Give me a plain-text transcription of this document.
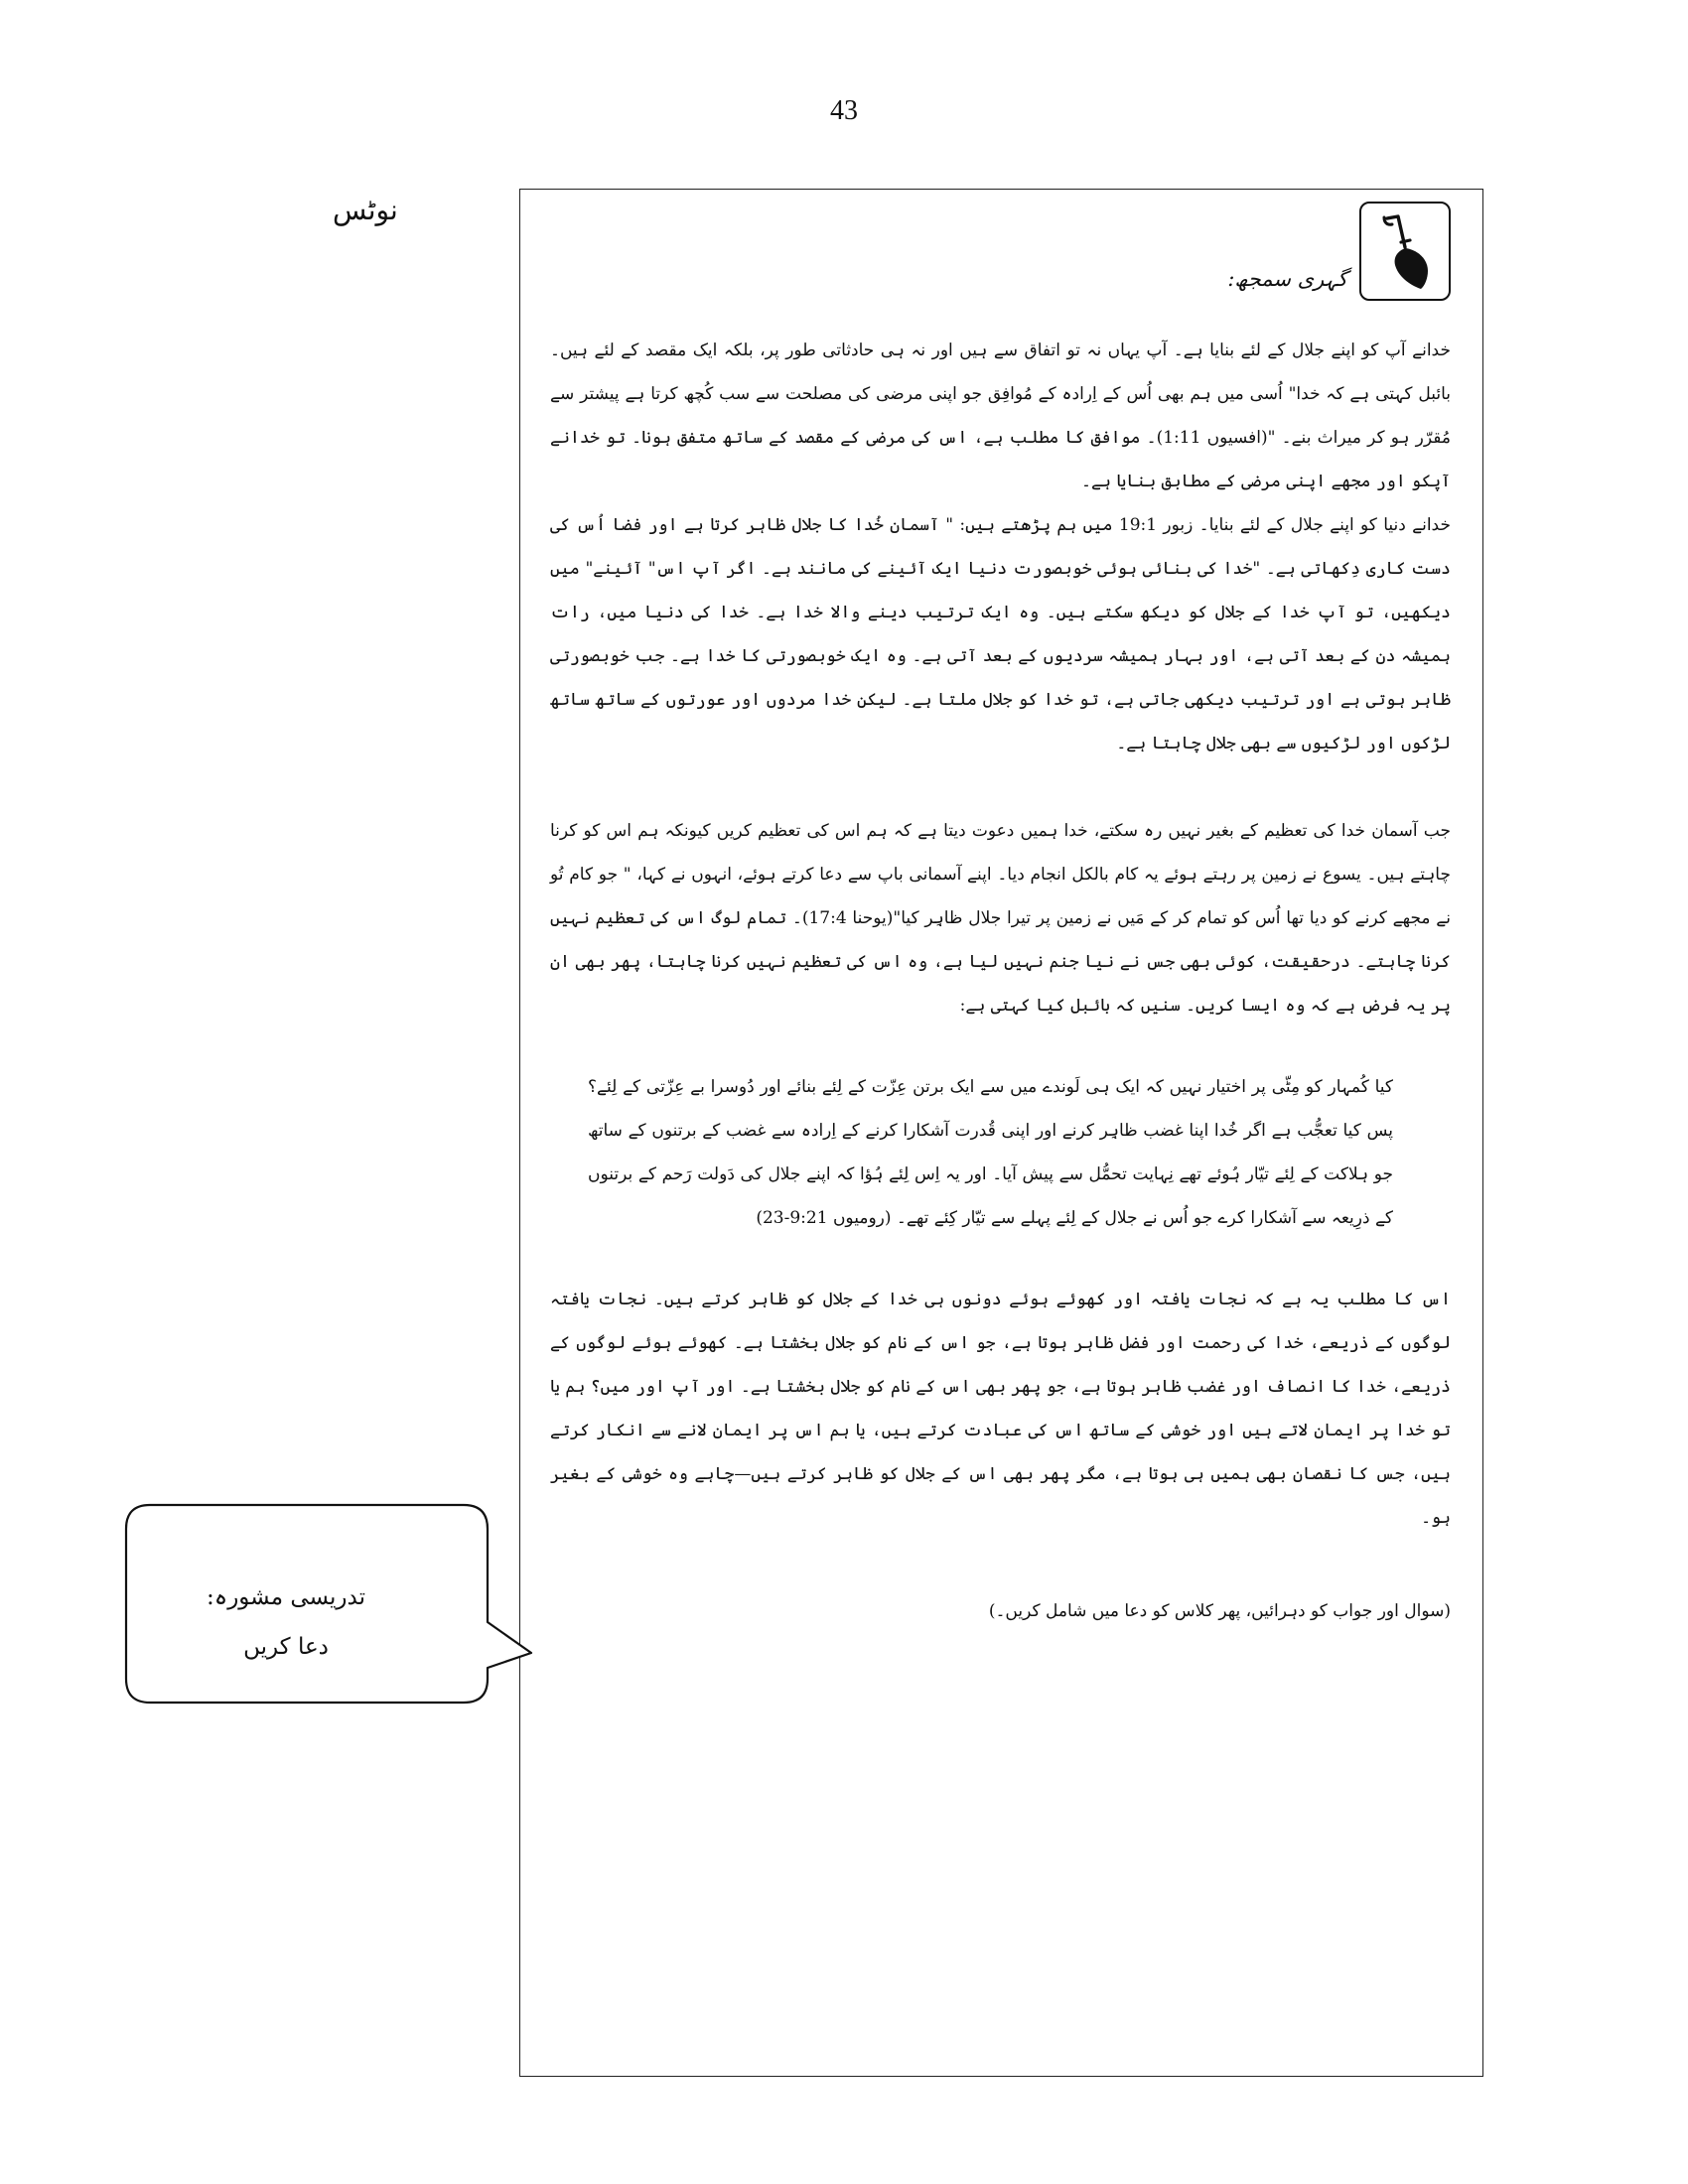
43
نوٹس
گہری سمجھ:

خدانے آپ کو اپنے جلال کے لئے بنایا ہے۔ آپ یہاں نہ تو اتفاق سے ہیں اور نہ ہی حادثاتی طور پر، بلکہ ایک مقصد کے لئے ہیں۔ بائبل کہتی ہے کہ خدا" اُسی میں ہم بھی اُس کے اِرادہ کے مُوافِق جو اپنی مرضی کی مصلحت سے سب کُچھ کرتا ہے پیشتر سے مُقرّر ہو کر میراث بنے۔ "(افسیوں 1:11)۔ موافق کا مطلب ہے، اس کی مرضی کے مقصد کے ساتھ متفق ہونا۔ تو خدانے آپکو اور مجھے اپنی مرضی کے مطابق بنایا ہے۔

خدانے دنیا کو اپنے جلال کے لئے بنایا۔ زبور 19:1 میں ہم پڑھتے ہیں: " آسمان خُدا کا جلال ظاہر کرتا ہے اور فضا اُس کی دست کاری دِکھاتی ہے۔ "خدا کی بنائی ہوئی خوبصورت دنیا ایک آئینے کی مانند ہے۔ اگر آپ اس" آئینے" میں دیکھیں، تو آپ خدا کے جلال کو دیکھ سکتے ہیں۔ وہ ایک ترتیب دینے والا خدا ہے۔ خدا کی دنیا میں، رات ہمیشہ دن کے بعد آتی ہے، اور بہار ہمیشہ سردیوں کے بعد آتی ہے۔ وہ ایک خوبصورتی کا خدا ہے۔ جب خوبصورتی ظاہر ہوتی ہے اور ترتیب دیکھی جاتی ہے، تو خدا کو جلال ملتا ہے۔ لیکن خدا مردوں اور عورتوں کے ساتھ ساتھ لڑکوں اور لڑکیوں سے بھی جلال چاہتا ہے۔

جب آسمان خدا کی تعظیم کے بغیر نہیں رہ سکتے، خدا ہمیں دعوت دیتا ہے کہ ہم اس کی تعظیم کریں کیونکہ ہم اس کو کرنا چاہتے ہیں۔ یسوع نے زمین پر رہتے ہوئے یہ کام بالکل انجام دیا۔ اپنے آسمانی باپ سے دعا کرتے ہوئے، انہوں نے کہا، " جو کام تُو نے مجھے کرنے کو دیا تھا اُس کو تمام کر کے مَیں نے زمین پر تیرا جلال ظاہِر کیا"(یوحنا 17:4)۔ تمام لوگ اس کی تعظیم نہیں کرنا چاہتے۔ درحقیقت، کوئی بھی جس نے نیا جنم نہیں لیا ہے، وہ اس کی تعظیم نہیں کرنا چاہتا، پھر بھی ان پر یہ فرض ہے کہ وہ ایسا کریں۔ سنیں کہ بائبل کیا کہتی ہے:

کیا کُمہار کو مِٹّی پر اختیار نہیں کہ ایک ہی لَوندے میں سے ایک برتن عِزّت کے لِئے بنائے اور دُوسرا بے عِزّتی کے لِئے؟ پس کیا تعجُّب ہے اگر خُدا اپنا غضب ظاہِر کرنے اور اپنی قُدرت آشکارا کرنے کے اِرادہ سے غضب کے برتنوں کے ساتھ جو ہلاکت کے لِئے تیّار ہُوئے تھے نِہایت تحمُّل سے پیش آیا۔ اور یہ اِس لِئے ہُؤا کہ اپنے جلال کی دَولت رَحم کے برتنوں کے ذرِیعہ سے آشکارا کرے جو اُس نے جلال کے لِئے پہلے سے تیّار کِئے تھے۔ (رومیوں 9:21-23)

اس کا مطلب یہ ہے کہ نجات یافتہ اور کھوئے ہوئے دونوں ہی خدا کے جلال کو ظاہر کرتے ہیں۔ نجات یافتہ لوگوں کے ذریعے، خدا کی رحمت اور فضل ظاہر ہوتا ہے، جو اس کے نام کو جلال بخشتا ہے۔ کھوئے ہوئے لوگوں کے ذریعے، خدا کا انصاف اور غضب ظاہر ہوتا ہے، جو پھر بھی اس کے نام کو جلال بخشتا ہے۔ اور آپ اور میں؟ ہم یا تو خدا پر ایمان لاتے ہیں اور خوشی کے ساتھ اس کی عبادت کرتے ہیں، یا ہم اس پر ایمان لانے سے انکار کرتے ہیں، جس کا نقصان بھی ہمیں ہی ہوتا ہے، مگر پھر بھی اس کے جلال کو ظاہر کرتے ہیں—چاہے وہ خوشی کے بغیر ہو۔

(سوال اور جواب کو دہرائیں، پھر کلاس کو دعا میں شامل کریں۔)

تدریسی مشورہ:
دعا کریں
